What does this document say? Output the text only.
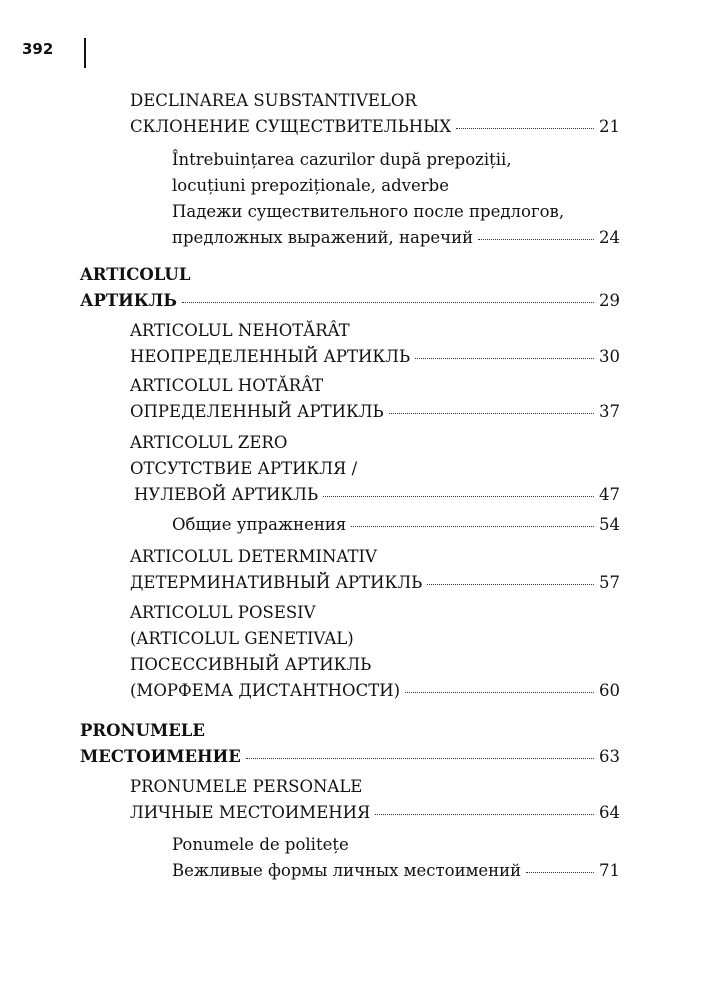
392
DECLINAREA SUBSTANTIVELOR
СКЛОНЕНИЕ СУЩЕСТВИТЕЛЬНЫХ	21
Întrebuințarea cazurilor după prepoziții,
locuțiuni prepoziționale, adverbe
Падежи существительного после предлогов,
предложных выражений, наречий	24
ARTICOLUL
АРТИКЛЬ	29
ARTICOLUL NEHOTĂRÂT
НЕОПРЕДЕЛЕННЫЙ АРТИКЛЬ	30
ARTICOLUL HOTĂRÂT
ОПРЕДЕЛЕННЫЙ АРТИКЛЬ	37
ARTICOLUL ZERO
ОТСУТСТВИЕ АРТИКЛЯ /
НУЛЕВОЙ АРТИКЛЬ	47
Общие упражнения	54
ARTICOLUL DETERMINATIV
ДЕТЕРМИНАТИВНЫЙ АРТИКЛЬ	57
ARTICOLUL POSESIV
(ARTICOLUL GENETIVAL)
ПОСЕССИВНЫЙ АРТИКЛЬ
(МОРФЕМА ДИСТАНТНОСТИ)	60
PRONUMELE
МЕСТОИМЕНИЕ	63
PRONUMELE PERSONALE
ЛИЧНЫЕ МЕСТОИМЕНИЯ	64
Ponumele de politețe
Вежливые формы личных местоимений	71
